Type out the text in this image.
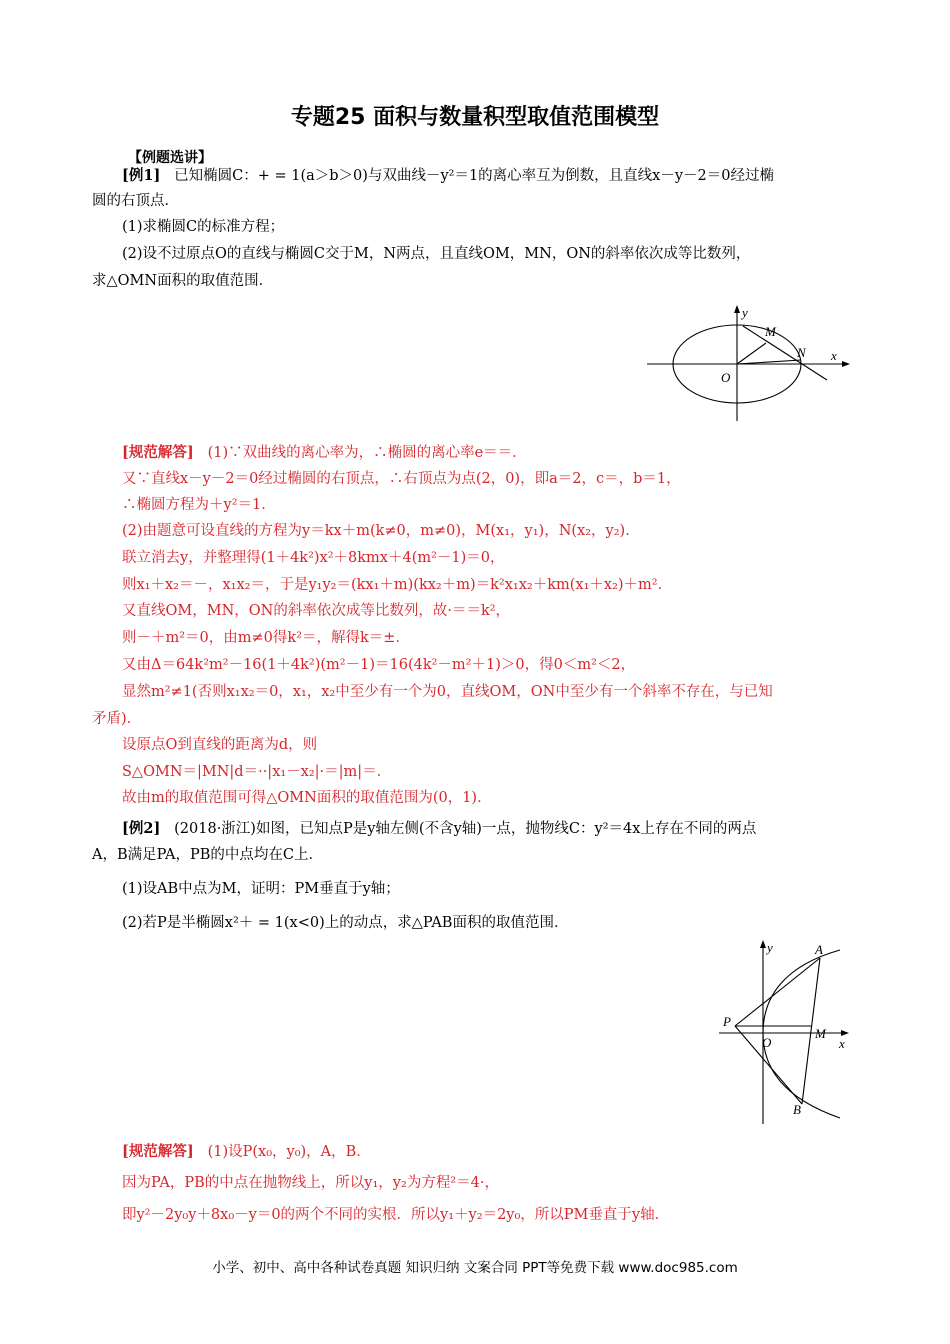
专题25 面积与数量积型取值范围模型
【例题选讲】
[例1] 已知椭圆C：+ = 1(a＞b＞0)与双曲线－y²＝1的离心率互为倒数，且直线x－y－2＝0经过椭
圆的右顶点．
(1)求椭圆C的标准方程；
(2)设不过原点O的直线与椭圆C交于M，N两点，且直线OM，MN，ON的斜率依次成等比数列，
求△OMN面积的取值范围．
y
M
N x
O
[规范解答] (1)∵双曲线的离心率为，∴椭圆的离心率e＝＝．
又∵直线x－y－2＝0经过椭圆的右顶点，∴右顶点为点(2，0)，即a＝2，c＝，b＝1，
∴椭圆方程为＋y²＝1．
(2)由题意可设直线的方程为y＝kx＋m(k≠0，m≠0)，M(x₁，y₁)，N(x₂，y₂)．
联立消去y，并整理得(1＋4k²)x²＋8kmx＋4(m²－1)＝0，
则x₁＋x₂＝－，x₁x₂＝，于是y₁y₂＝(kx₁＋m)(kx₂＋m)＝k²x₁x₂＋km(x₁＋x₂)＋m²．
又直线OM，MN，ON的斜率依次成等比数列，故·＝＝k²，
则－＋m²＝0，由m≠0得k²＝，解得k＝±．
又由Δ＝64k²m²－16(1＋4k²)(m²－1)＝16(4k²－m²＋1)＞0，得0＜m²＜2，
显然m²≠1(否则x₁x₂＝0，x₁，x₂中至少有一个为0，直线OM，ON中至少有一个斜率不存在，与已知
矛盾)．
设原点O到直线的距离为d，则
S△OMN＝|MN|d＝··|x₁－x₂|·＝|m|＝．
故由m的取值范围可得△OMN面积的取值范围为(0，1)．
[例2] (2018·浙江)如图，已知点P是y轴左侧(不含y轴)一点，抛物线C：y²＝4x上存在不同的两点
A，B满足PA，PB的中点均在C上．
(1)设AB中点为M，证明：PM垂直于y轴；
(2)若P是半椭圆x²＋ = 1(x<0)上的动点，求△PAB面积的取值范围．
y	A
P
M
O	x
B
[规范解答] (1)设P(x₀，y₀)，A，B．
因为PA，PB的中点在抛物线上，所以y₁，y₂为方程²＝4·，
即y²－2y₀y＋8x₀－y＝0的两个不同的实根．所以y₁＋y₂＝2y₀，所以PM垂直于y轴．
小学、初中、高中各种试卷真题 知识归纳 文案合同 PPT等免费下载 www.doc985.com
